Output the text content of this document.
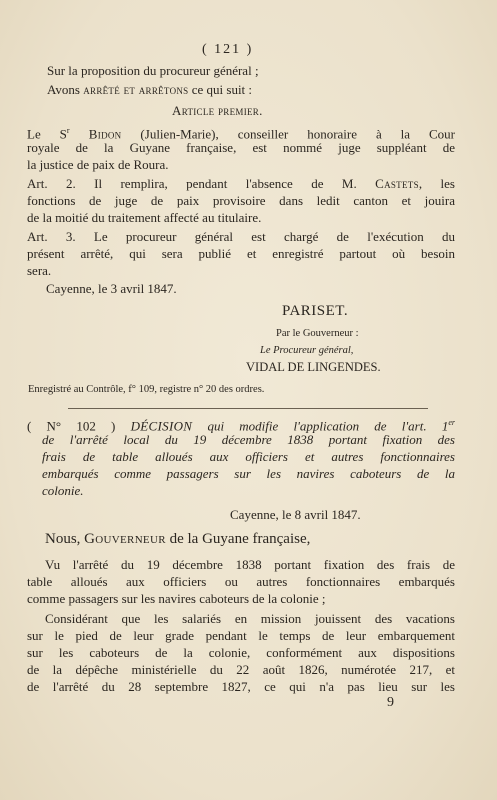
( 121 )
Sur la proposition du procureur général ;
Avons arrêté et arrêtons ce qui suit :
Article premier.
Le $S^r$ Bidon (Julien-Marie), conseiller honoraire à la Cour
royale de la Guyane française, est nommé juge suppléant de
la justice de paix de Roura.
Art. 2. Il remplira, pendant l'absence de M. Castets, les
fonctions de juge de paix provisoire dans ledit canton et jouira
de la moitié du traitement affecté au titulaire.
Art. 3. Le procureur général est chargé de l'exécution du
présent arrêté, qui sera publié et enregistré partout où besoin
sera.
Cayenne, le 3 avril 1847.
PARISET.
Par le Gouverneur :
Le Procureur général,
VIDAL DE LINGENDES.
Enregistré au Contrôle, f° 109, registre n° 20 des ordres.
( N° 102 ) DÉCISION qui modifie l'application de l'art. 1er
de l'arrêté local du 19 décembre 1838 portant fixation des
frais de table alloués aux officiers et autres fonctionnaires
embarqués comme passagers sur les navires caboteurs de la
colonie.
Cayenne, le 8 avril 1847.
Nous, Gouverneur de la Guyane française,
Vu l'arrêté du 19 décembre 1838 portant fixation des frais de
table alloués aux officiers ou autres fonctionnaires embarqués
comme passagers sur les navires caboteurs de la colonie ;
Considérant que les salariés en mission jouissent des vacations
sur le pied de leur grade pendant le temps de leur embarquement
sur les caboteurs de la colonie, conformément aux dispositions
de la dépêche ministérielle du 22 août 1826, numérotée 217, et
de l'arrêté du 28 septembre 1827, ce qui n'a pas lieu sur les
9
